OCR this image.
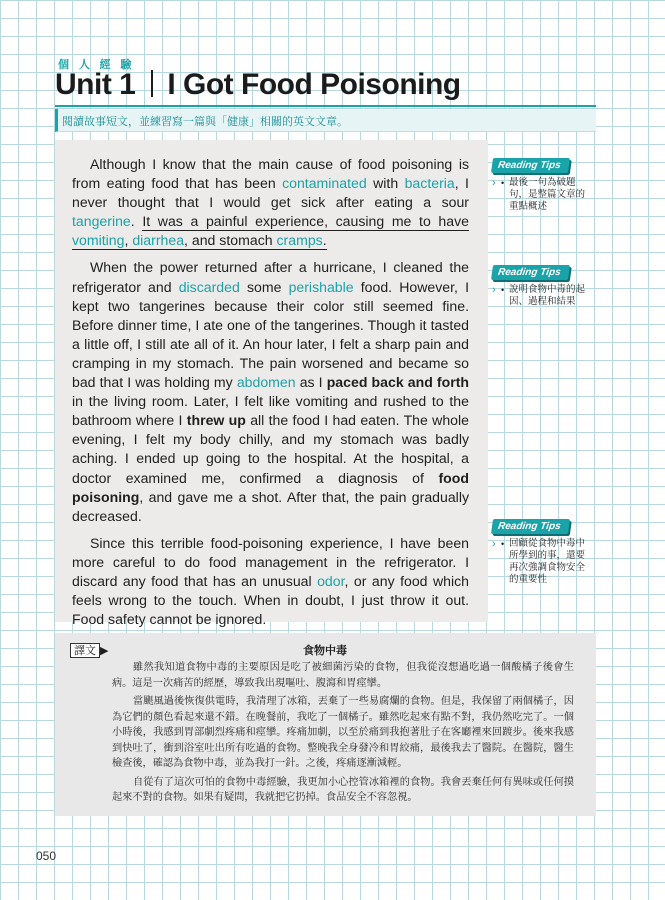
個 人 經 驗
Unit 1 I Got Food Poisoning
閱讀故事短文，並練習寫一篇與「健康」相關的英文文章。

Although I know that the main cause of food poisoning is from eating food that has been contaminated with bacteria, I never thought that I would get sick after eating a sour tangerine. It was a painful experience, causing me to have vomiting, diarrhea, and stomach cramps.

When the power returned after a hurricane, I cleaned the refrigerator and discarded some perishable food. However, I kept two tangerines because their color still seemed fine. Before dinner time, I ate one of the tangerines. Though it tasted a little off, I still ate all of it. An hour later, I felt a sharp pain and cramping in my stomach. The pain worsened and became so bad that I was holding my abdomen as I paced back and forth in the living room. Later, I felt like vomiting and rushed to the bathroom where I threw up all the food I had eaten. The whole evening, I felt my body chilly, and my stomach was badly aching. I ended up going to the hospital. At the hospital, a doctor examined me, confirmed a diagnosis of food poisoning, and gave me a shot. After that, the pain gradually decreased.

Since this terrible food-poisoning experience, I have been more careful to do food management in the refrigerator. I discard any food that has an unusual odor, or any food which feels wrong to the touch. When in doubt, I just throw it out. Food safety cannot be ignored.

Reading Tips
› • 最後一句為破題句，是整篇文章的重點概述
Reading Tips
› • 說明食物中毒的起因、過程和結果
Reading Tips
› • 回顧從食物中毒中所學到的事，還要再次強調食物安全的重要性
譯文 ▶	食物中毒

雖然我知道食物中毒的主要原因是吃了被細菌污染的食物，但我從沒想過吃過一個酸橘子後會生病。這是一次痛苦的經歷，導致我出現嘔吐、腹瀉和胃痙攣。

當颶風過後恢復供電時，我清理了冰箱，丟棄了一些易腐爛的食物。但是，我保留了兩個橘子，因為它們的顏色看起來還不錯。在晚餐前，我吃了一個橘子。雖然吃起來有點不對，我仍然吃完了。一個小時後，我感到胃部劇烈疼痛和痙攣。疼痛加劇，以至於痛到我抱著肚子在客廳裡來回踱步。後來我感到快吐了，衝到浴室吐出所有吃過的食物。整晚我全身發冷和胃絞痛，最後我去了醫院。在醫院，醫生檢查後，確認為食物中毒，並為我打一針。之後，疼痛逐漸減輕。

自從有了這次可怕的食物中毒經驗，我更加小心控管冰箱裡的食物。我會丟棄任何有異味或任何摸起來不對的食物。如果有疑問，我就把它扔掉。食品安全不容忽視。

050
